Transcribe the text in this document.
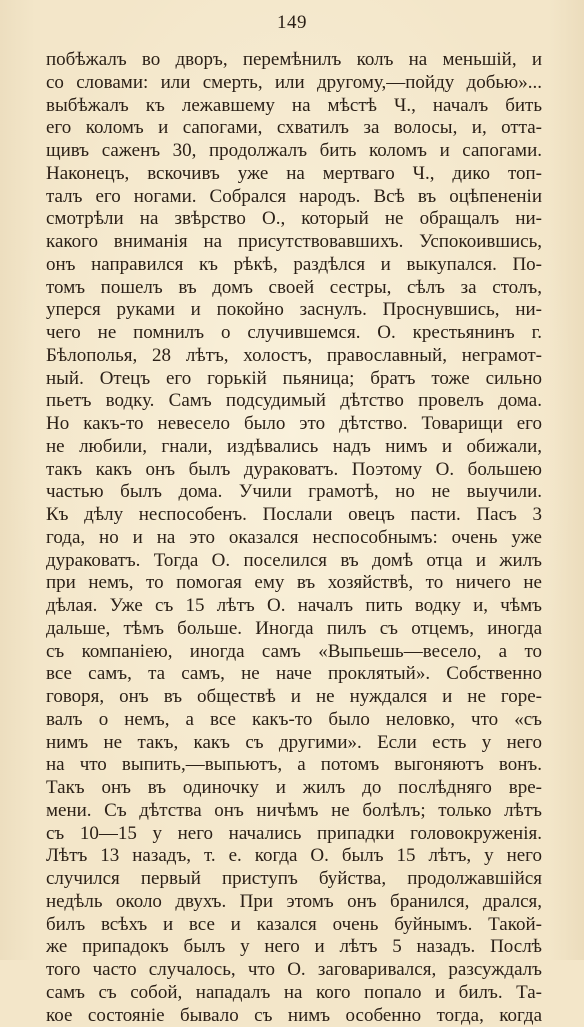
149
побѣжалъ во дворъ, перемѣнилъ колъ на меньшій, и
со словами: или смерть, или другому,—пойду добью»...
выбѣжалъ къ лежавшему на мѣстѣ Ч., началъ бить
его коломъ и сапогами, схватилъ за волосы, и, отта-
щивъ саженъ 30, продолжалъ бить коломъ и сапогами.
Наконецъ, вскочивъ уже на мертваго Ч., дико топ-
талъ его ногами. Собрался народъ. Всѣ въ оцѣпененіи
смотрѣли на звѣрство О., который не обращалъ ни-
какого вниманія на присутствовавшихъ. Успокоившись,
онъ направился къ рѣкѣ, раздѣлся и выкупался. По-
томъ пошелъ въ домъ своей сестры, сѣлъ за столъ,
уперся руками и покойно заснулъ. Проснувшись, ни-
чего не помнилъ о случившемся. О. крестьянинъ г.
Бѣлополья, 28 лѣтъ, холостъ, православный, неграмот-
ный. Отецъ его горькій пьяница; братъ тоже сильно
пьетъ водку. Самъ подсудимый дѣтство провелъ дома.
Но какъ-то невесело было это дѣтство. Товарищи его
не любили, гнали, издѣвались надъ нимъ и обижали,
такъ какъ онъ былъ дураковатъ. Поэтому О. большею
частью былъ дома. Учили грамотѣ, но не выучили.
Къ дѣлу неспособенъ. Послали овецъ пасти. Пасъ 3
года, но и на это оказался неспособнымъ: очень уже
дураковатъ. Тогда О. поселился въ домѣ отца и жилъ
при немъ, то помогая ему въ хозяйствѣ, то ничего не
дѣлая. Уже съ 15 лѣтъ О. началъ пить водку и, чѣмъ
дальше, тѣмъ больше. Иногда пилъ съ отцемъ, иногда
съ компаніею, иногда самъ «Выпьешь—весело, а то
все самъ, та самъ, не наче проклятый». Собственно
говоря, онъ въ обществѣ и не нуждался и не горе-
валъ о немъ, а все какъ-то было неловко, что «съ
нимъ не такъ, какъ съ другими». Если есть у него
на что выпить,—выпьютъ, а потомъ выгоняютъ вонъ.
Такъ онъ въ одиночку и жилъ до послѣдняго вре-
мени. Съ дѣтства онъ ничѣмъ не болѣлъ; только лѣтъ
съ 10—15 у него начались припадки головокруженія.
Лѣтъ 13 назадъ, т. е. когда О. былъ 15 лѣтъ, у него
случился первый приступъ буйства, продолжавшійся
недѣль около двухъ. При этомъ онъ бранился, дрался,
билъ всѣхъ и все и казался очень буйнымъ. Такой-
же припадокъ былъ у него и лѣтъ 5 назадъ. Послѣ
того часто случалось, что О. заговаривался, разсуждалъ
самъ съ собой, нападалъ на кого попало и билъ. Та-
кое состояніе бывало съ нимъ особенно тогда, когда
